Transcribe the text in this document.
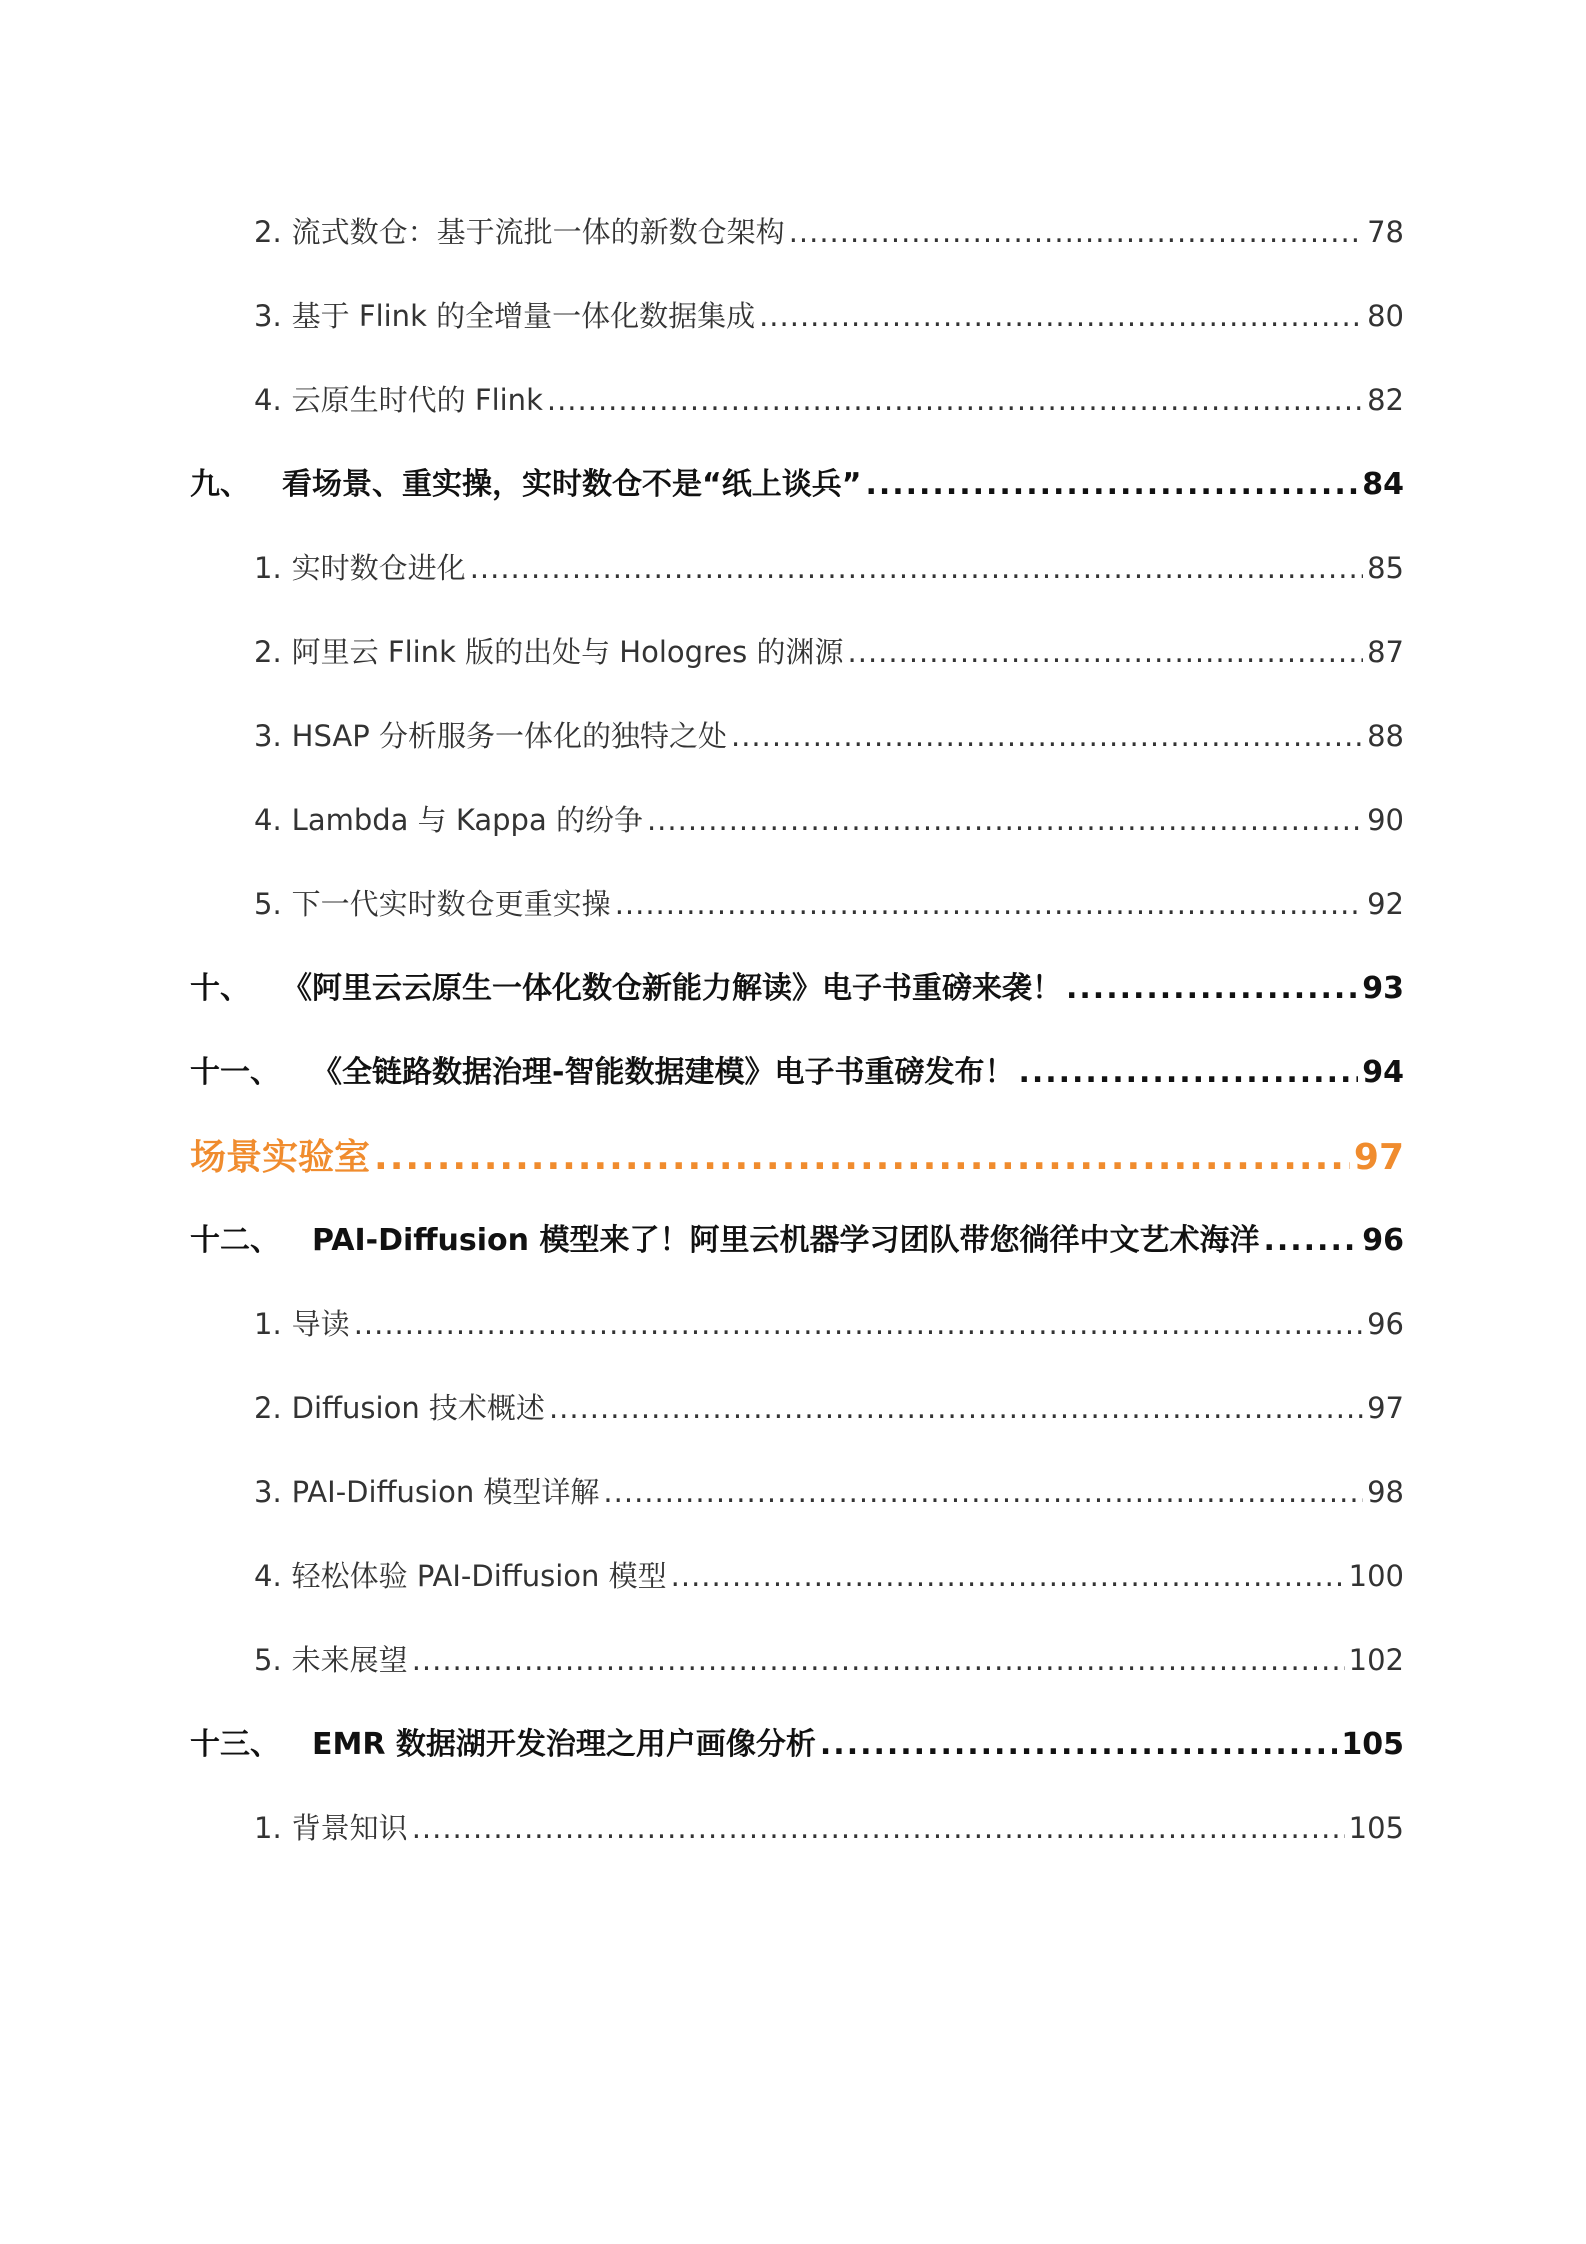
2. 流式数仓：基于流批一体的新数仓架构 .....	78
3. 基于 Flink 的全增量一体化数据集成 .....	80
4. 云原生时代的 Flink .....	82
九、	看场景、重实操，实时数仓不是“纸上谈兵” .....	84
1. 实时数仓进化 .....	85
2. 阿里云 Flink 版的出处与 Hologres 的渊源 .....	87
3. HSAP 分析服务一体化的独特之处 .....	88
4. Lambda 与 Kappa 的纷争 .....	90
5. 下一代实时数仓更重实操 .....	92
十、	《阿里云云原生一体化数仓新能力解读》电子书重磅来袭！ .....	93
十一、	《全链路数据治理-智能数据建模》电子书重磅发布！ .....	94
场景实验室 .....	97
十二、	PAI-Diffusion 模型来了！阿里云机器学习团队带您徜徉中文艺术海洋 .....	96
1. 导读 .....	96
2. Diffusion 技术概述 .....	97
3. PAI-Diffusion 模型详解 .....	98
4. 轻松体验 PAI-Diffusion 模型 .....	100
5. 未来展望 .....	102
十三、	EMR 数据湖开发治理之用户画像分析 .....	105
1. 背景知识 .....	105
